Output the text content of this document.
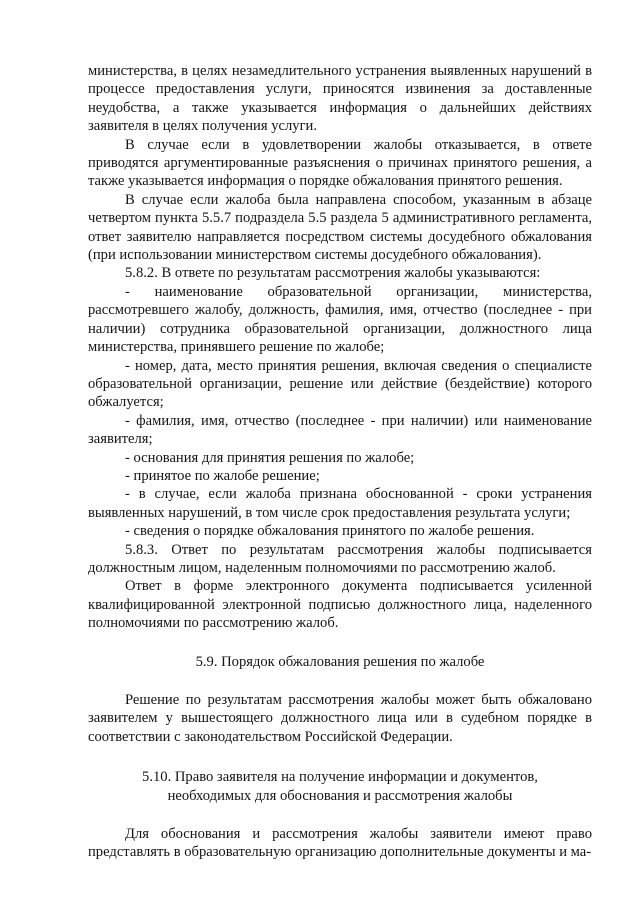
министерства, в целях незамедлительного устранения выявленных нарушений в процессе предоставления услуги, приносятся извинения за доставленные неудобства, а также указывается информация о дальнейших действиях заявителя в целях получения услуги.

В случае если в удовлетворении жалобы отказывается, в ответе приводятся аргументированные разъяснения о причинах принятого решения, а также указывается информация о порядке обжалования принятого решения.

В случае если жалоба была направлена способом, указанным в абзаце четвертом пункта 5.5.7 подраздела 5.5 раздела 5 административного регламента, ответ заявителю направляется посредством системы досудебного обжалования (при использовании министерством системы досудебного обжалования).

5.8.2. В ответе по результатам рассмотрения жалобы указываются:

- наименование образовательной организации, министерства, рассмотревшего жалобу, должность, фамилия, имя, отчество (последнее - при наличии) сотрудника образовательной организации, должностного лица министерства, принявшего решение по жалобе;

- номер, дата, место принятия решения, включая сведения о специалисте образовательной организации, решение или действие (бездействие) которого обжалуется;

- фамилия, имя, отчество (последнее - при наличии) или наименование заявителя;

- основания для принятия решения по жалобе;

- принятое по жалобе решение;

- в случае, если жалоба признана обоснованной - сроки устранения выявленных нарушений, в том числе срок предоставления результата услуги;

- сведения о порядке обжалования принятого по жалобе решения.

5.8.3. Ответ по результатам рассмотрения жалобы подписывается должностным лицом, наделенным полномочиями по рассмотрению жалоб.

Ответ в форме электронного документа подписывается усиленной квалифицированной электронной подписью должностного лица, наделенного полномочиями по рассмотрению жалоб.

5.9. Порядок обжалования решения по жалобе

Решение по результатам рассмотрения жалобы может быть обжаловано заявителем у вышестоящего должностного лица или в судебном порядке в соответствии с законодательством Российской Федерации.

5.10. Право заявителя на получение информации и документов, необходимых для обоснования и рассмотрения жалобы

Для обоснования и рассмотрения жалобы заявители имеют право представлять в образовательную организацию дополнительные документы и ма-
